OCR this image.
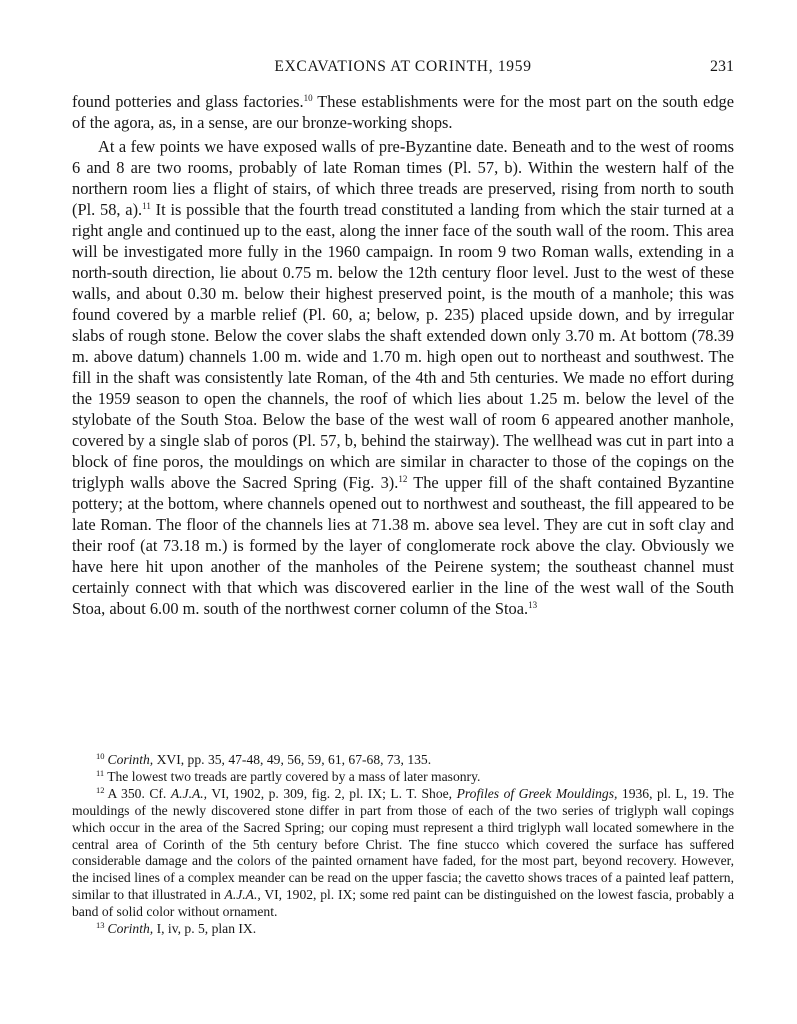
EXCAVATIONS AT CORINTH, 1959	231

found potteries and glass factories.$^{10}$ These establishments were for the most part on the south edge of the agora, as, in a sense, are our bronze-working shops.

At a few points we have exposed walls of pre-Byzantine date. Beneath and to the west of rooms 6 and 8 are two rooms, probably of late Roman times (Pl. 57, b). Within the western half of the northern room lies a flight of stairs, of which three treads are preserved, rising from north to south (Pl. 58, a).$^{11}$ It is possible that the fourth tread constituted a landing from which the stair turned at a right angle and continued up to the east, along the inner face of the south wall of the room. This area will be investigated more fully in the 1960 campaign. In room 9 two Roman walls, extending in a north-south direction, lie about 0.75 m. below the 12th century floor level. Just to the west of these walls, and about 0.30 m. below their highest preserved point, is the mouth of a manhole; this was found covered by a marble relief (Pl. 60, a; below, p. 235) placed upside down, and by irregular slabs of rough stone. Below the cover slabs the shaft extended down only 3.70 m. At bottom (78.39 m. above datum) channels 1.00 m. wide and 1.70 m. high open out to northeast and southwest. The fill in the shaft was consistently late Roman, of the 4th and 5th centuries. We made no effort during the 1959 season to open the channels, the roof of which lies about 1.25 m. below the level of the stylobate of the South Stoa. Below the base of the west wall of room 6 appeared another manhole, covered by a single slab of poros (Pl. 57, b, behind the stairway). The wellhead was cut in part into a block of fine poros, the mouldings on which are similar in character to those of the copings on the triglyph walls above the Sacred Spring (Fig. 3).$^{12}$ The upper fill of the shaft contained Byzantine pottery; at the bottom, where channels opened out to northwest and southeast, the fill appeared to be late Roman. The floor of the channels lies at 71.38 m. above sea level. They are cut in soft clay and their roof (at 73.18 m.) is formed by the layer of conglomerate rock above the clay. Obviously we have here hit upon another of the manholes of the Peirene system; the southeast channel must certainly connect with that which was discovered earlier in the line of the west wall of the South Stoa, about 6.00 m. south of the northwest corner column of the Stoa.$^{13}$

$^{10}$ Corinth, XVI, pp. 35, 47-48, 49, 56, 59, 61, 67-68, 73, 135.

$^{11}$ The lowest two treads are partly covered by a mass of later masonry.

$^{12}$ A 350. Cf. A.J.A., VI, 1902, p. 309, fig. 2, pl. IX; L. T. Shoe, Profiles of Greek Mouldings, 1936, pl. L, 19. The mouldings of the newly discovered stone differ in part from those of each of the two series of triglyph wall copings which occur in the area of the Sacred Spring; our coping must represent a third triglyph wall located somewhere in the central area of Corinth of the 5th century before Christ. The fine stucco which covered the surface has suffered considerable damage and the colors of the painted ornament have faded, for the most part, beyond recovery. However, the incised lines of a complex meander can be read on the upper fascia; the cavetto shows traces of a painted leaf pattern, similar to that illustrated in A.J.A., VI, 1902, pl. IX; some red paint can be distinguished on the lowest fascia, probably a band of solid color without ornament.

$^{13}$ Corinth, I, iv, p. 5, plan IX.
